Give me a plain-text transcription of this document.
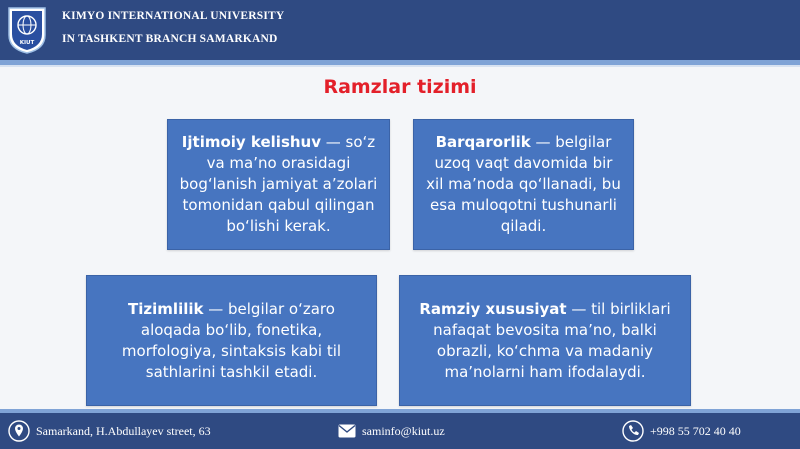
KIUT
KIMYO INTERNATIONAL UNIVERSITY
IN TASHKENT BRANCH SAMARKAND
Ramzlar tizimi
Ijtimoiy kelishuv — so‘z va ma’no orasidagi bog‘lanish jamiyat a’zolari tomonidan qabul qilingan bo‘lishi kerak.
Barqarorlik — belgilar uzoq vaqt davomida bir xil ma’noda qo‘llanadi, bu esa muloqotni tushunarli qiladi.
Tizimlilik — belgilar o‘zaro aloqada bo‘lib, fonetika, morfologiya, sintaksis kabi til sathlarini tashkil etadi.
Ramziy xususiyat — til birliklari nafaqat bevosita ma’no, balki obrazli, ko‘chma va madaniy ma’nolarni ham ifodalaydi.
Samarkand, H.Abdullayev street, 63	saminfo@kiut.uz	+998 55 702 40 40
